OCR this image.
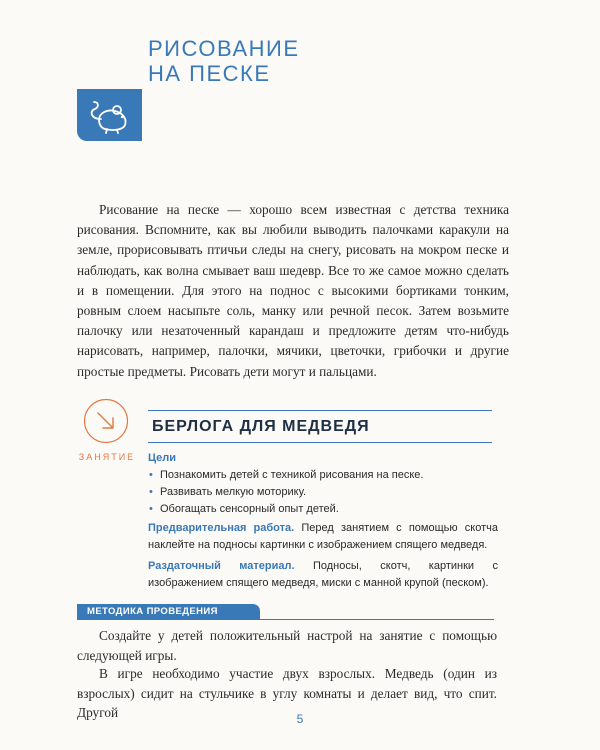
РИСОВАНИЕ
НА ПЕСКЕ

Рисование на песке — хорошо всем известная с детства техника рисования. Вспомните, как вы любили выводить палочками каракули на земле, прорисовывать птичьи следы на снегу, рисовать на мокром песке и наблюдать, как волна смывает ваш шедевр. Все то же самое можно сделать и в помещении. Для этого на поднос с высокими бортиками тонким, ровным слоем насыпьте соль, манку или речной песок. Затем возьмите палочку или незаточенный карандаш и предложите детям что-нибудь нарисовать, например, палочки, мячики, цветочки, грибочки и другие простые предметы. Рисовать дети могут и пальцами.

ЗАНЯТИЕ
БЕРЛОГА ДЛЯ МЕДВЕДЯ
Цели
• Познакомить детей с техникой рисования на песке.
• Развивать мелкую моторику.
• Обогащать сенсорный опыт детей.
Предварительная работа. Перед занятием с помощью скотча наклейте на подносы картинки с изображением спящего медведя.
Раздаточный материал. Подносы, скотч, картинки с изображением спящего медведя, миски с манной крупой (песком).
МЕТОДИКА ПРОВЕДЕНИЯ

Создайте у детей положительный настрой на занятие с помощью следующей игры.

В игре необходимо участие двух взрослых. Медведь (один из взрослых) сидит на стульчике в углу комнаты и делает вид, что спит. Другой	5
